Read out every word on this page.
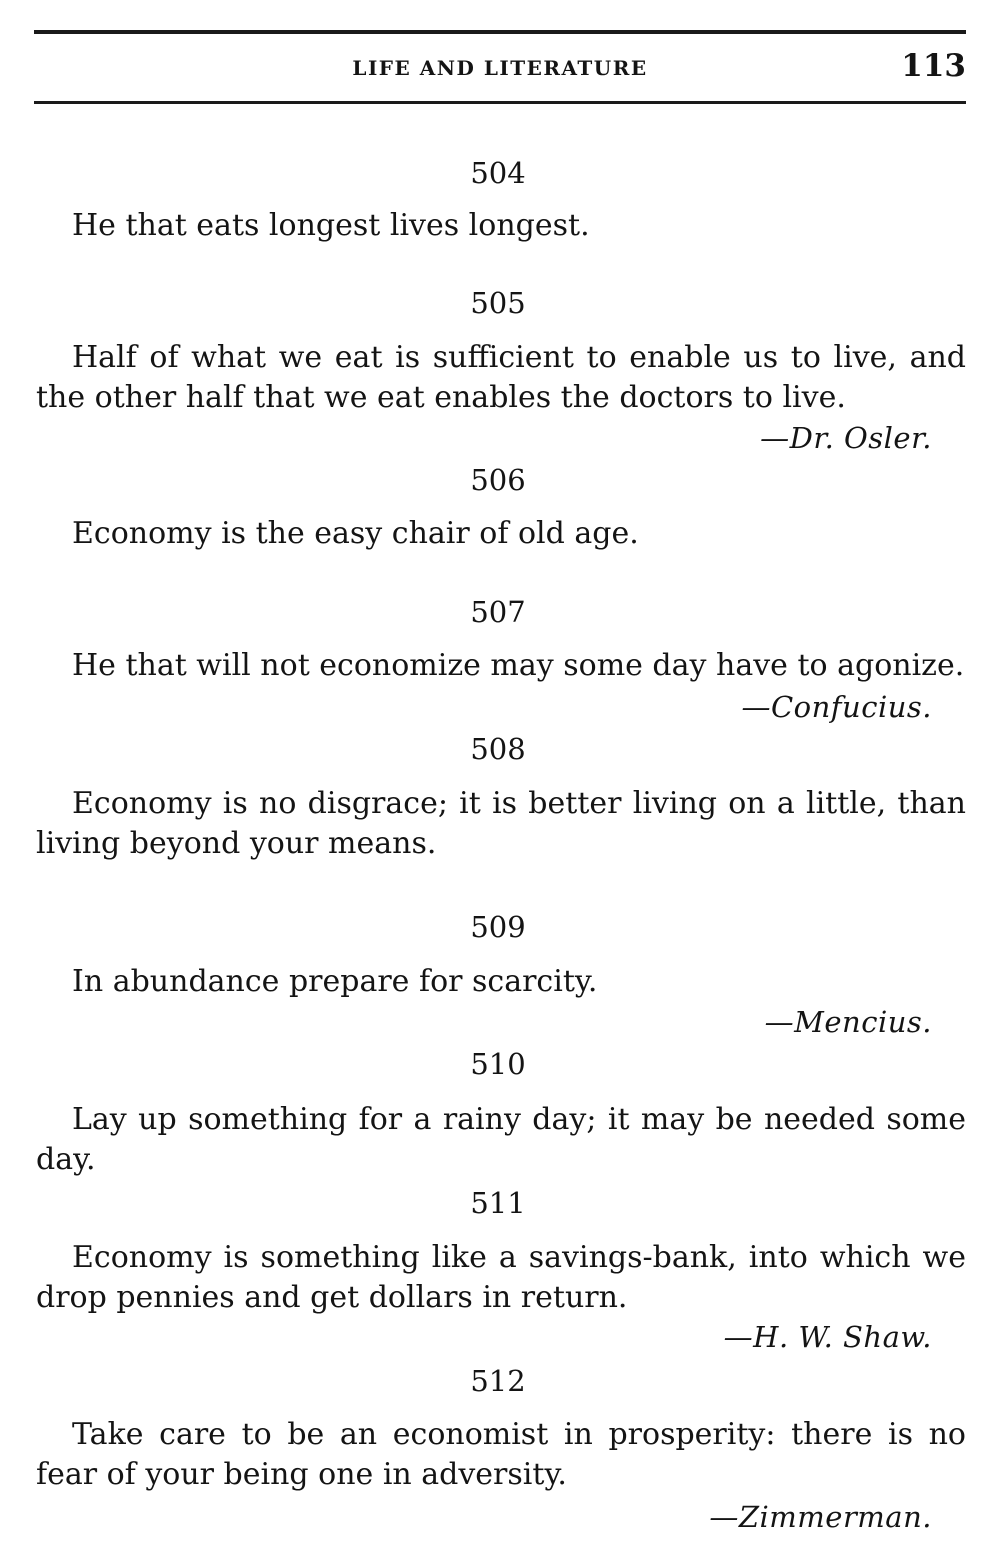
LIFE AND LITERATURE	113
504
He that eats longest lives longest.
505
Half of what we eat is sufficient to enable us to live, and the other half that we eat enables the doctors to live.
—Dr. Osler.
506
Economy is the easy chair of old age.
507
He that will not economize may some day have to agonize.
—Confucius.
508
Economy is no disgrace; it is better living on a little, than living beyond your means.
509
In abundance prepare for scarcity.
—Mencius.
510
Lay up something for a rainy day; it may be needed some day.
511
Economy is something like a savings-bank, into which we drop pennies and get dollars in return.
—H. W. Shaw.
512
Take care to be an economist in prosperity: there is no fear of your being one in adversity.
—Zimmerman.
